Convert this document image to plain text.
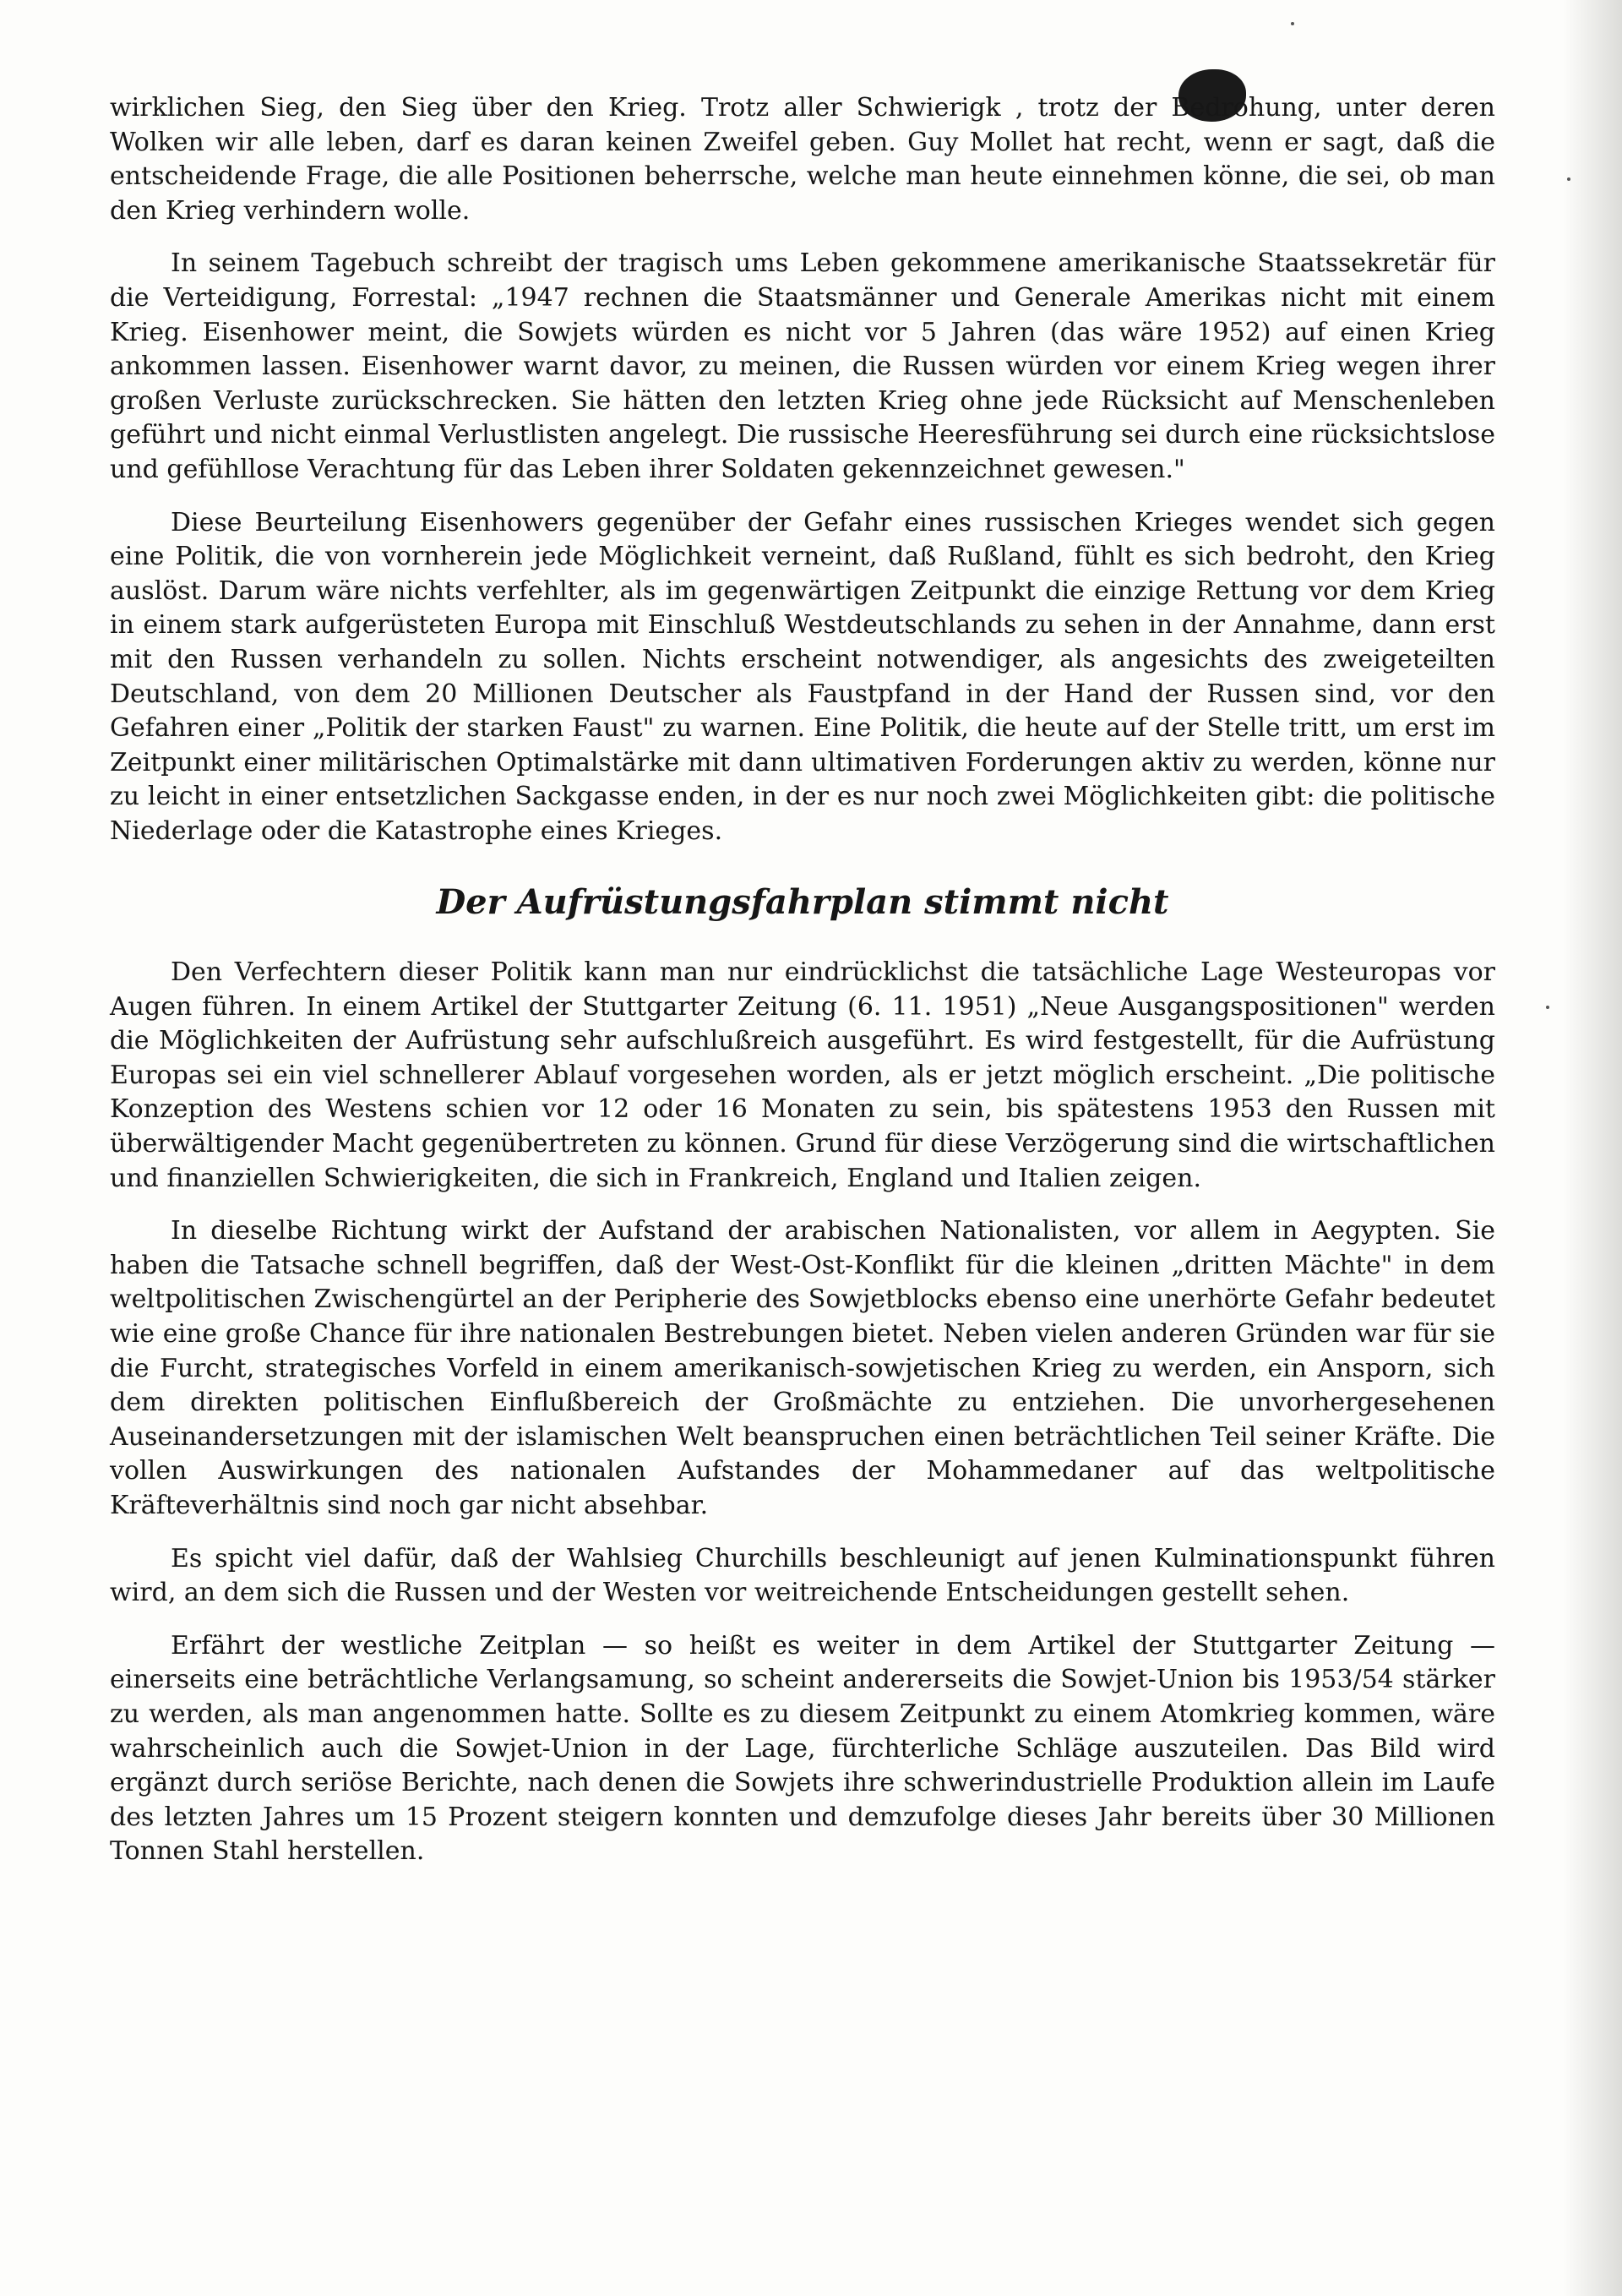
wirklichen Sieg, den Sieg über den Krieg. Trotz aller Schwierigk , trotz der Bedrohung, unter deren Wolken wir alle leben, darf es daran keinen Zweifel geben. Guy Mollet hat recht, wenn er sagt, daß die entscheidende Frage, die alle Positionen beherrsche, welche man heute einnehmen könne, die sei, ob man den Krieg verhindern wolle.

In seinem Tagebuch schreibt der tragisch ums Leben gekommene amerikanische Staatssekretär für die Verteidigung, Forrestal: „1947 rechnen die Staatsmänner und Generale Amerikas nicht mit einem Krieg. Eisenhower meint, die Sowjets würden es nicht vor 5 Jahren (das wäre 1952) auf einen Krieg ankommen lassen. Eisenhower warnt davor, zu meinen, die Russen würden vor einem Krieg wegen ihrer großen Verluste zurückschrecken. Sie hätten den letzten Krieg ohne jede Rücksicht auf Menschenleben geführt und nicht einmal Verlustlisten angelegt. Die russische Heeresführung sei durch eine rücksichtslose und gefühllose Verachtung für das Leben ihrer Soldaten gekennzeichnet gewesen."

Diese Beurteilung Eisenhowers gegenüber der Gefahr eines russischen Krieges wendet sich gegen eine Politik, die von vornherein jede Möglichkeit verneint, daß Rußland, fühlt es sich bedroht, den Krieg auslöst. Darum wäre nichts verfehlter, als im gegenwärtigen Zeitpunkt die einzige Rettung vor dem Krieg in einem stark aufgerüsteten Europa mit Einschluß Westdeutschlands zu sehen in der Annahme, dann erst mit den Russen verhandeln zu sollen. Nichts erscheint notwendiger, als angesichts des zweigeteilten Deutschland, von dem 20 Millionen Deutscher als Faustpfand in der Hand der Russen sind, vor den Gefahren einer „Politik der starken Faust" zu warnen. Eine Politik, die heute auf der Stelle tritt, um erst im Zeitpunkt einer militärischen Optimalstärke mit dann ultimativen Forderungen aktiv zu werden, könne nur zu leicht in einer entsetzlichen Sackgasse enden, in der es nur noch zwei Möglichkeiten gibt: die politische Niederlage oder die Katastrophe eines Krieges.

Der Aufrüstungsfahrplan stimmt nicht

Den Verfechtern dieser Politik kann man nur eindrücklichst die tatsächliche Lage Westeuropas vor Augen führen. In einem Artikel der Stuttgarter Zeitung (6. 11. 1951) „Neue Ausgangspositionen" werden die Möglichkeiten der Aufrüstung sehr aufschlußreich ausgeführt. Es wird festgestellt, für die Aufrüstung Europas sei ein viel schnellerer Ablauf vorgesehen worden, als er jetzt möglich erscheint. „Die politische Konzeption des Westens schien vor 12 oder 16 Monaten zu sein, bis spätestens 1953 den Russen mit überwältigender Macht gegenübertreten zu können. Grund für diese Verzögerung sind die wirtschaftlichen und finanziellen Schwierigkeiten, die sich in Frankreich, England und Italien zeigen.

In dieselbe Richtung wirkt der Aufstand der arabischen Nationalisten, vor allem in Aegypten. Sie haben die Tatsache schnell begriffen, daß der West-Ost-Konflikt für die kleinen „dritten Mächte" in dem weltpolitischen Zwischengürtel an der Peripherie des Sowjetblocks ebenso eine unerhörte Gefahr bedeutet wie eine große Chance für ihre nationalen Bestrebungen bietet. Neben vielen anderen Gründen war für sie die Furcht, strategisches Vorfeld in einem amerikanisch-sowjetischen Krieg zu werden, ein Ansporn, sich dem direkten politischen Einflußbereich der Großmächte zu entziehen. Die unvorhergesehenen Auseinandersetzungen mit der islamischen Welt beanspruchen einen beträchtlichen Teil seiner Kräfte. Die vollen Auswirkungen des nationalen Aufstandes der Mohammedaner auf das weltpolitische Kräfteverhältnis sind noch gar nicht absehbar.

Es spicht viel dafür, daß der Wahlsieg Churchills beschleunigt auf jenen Kulminationspunkt führen wird, an dem sich die Russen und der Westen vor weitreichende Entscheidungen gestellt sehen.

Erfährt der westliche Zeitplan — so heißt es weiter in dem Artikel der Stuttgarter Zeitung — einerseits eine beträchtliche Verlangsamung, so scheint andererseits die Sowjet-Union bis 1953/54 stärker zu werden, als man angenommen hatte. Sollte es zu diesem Zeitpunkt zu einem Atomkrieg kommen, wäre wahrscheinlich auch die Sowjet-Union in der Lage, fürchterliche Schläge auszuteilen. Das Bild wird ergänzt durch seriöse Berichte, nach denen die Sowjets ihre schwerindustrielle Produktion allein im Laufe des letzten Jahres um 15 Prozent steigern konnten und demzufolge dieses Jahr bereits über 30 Millionen Tonnen Stahl herstellen.
